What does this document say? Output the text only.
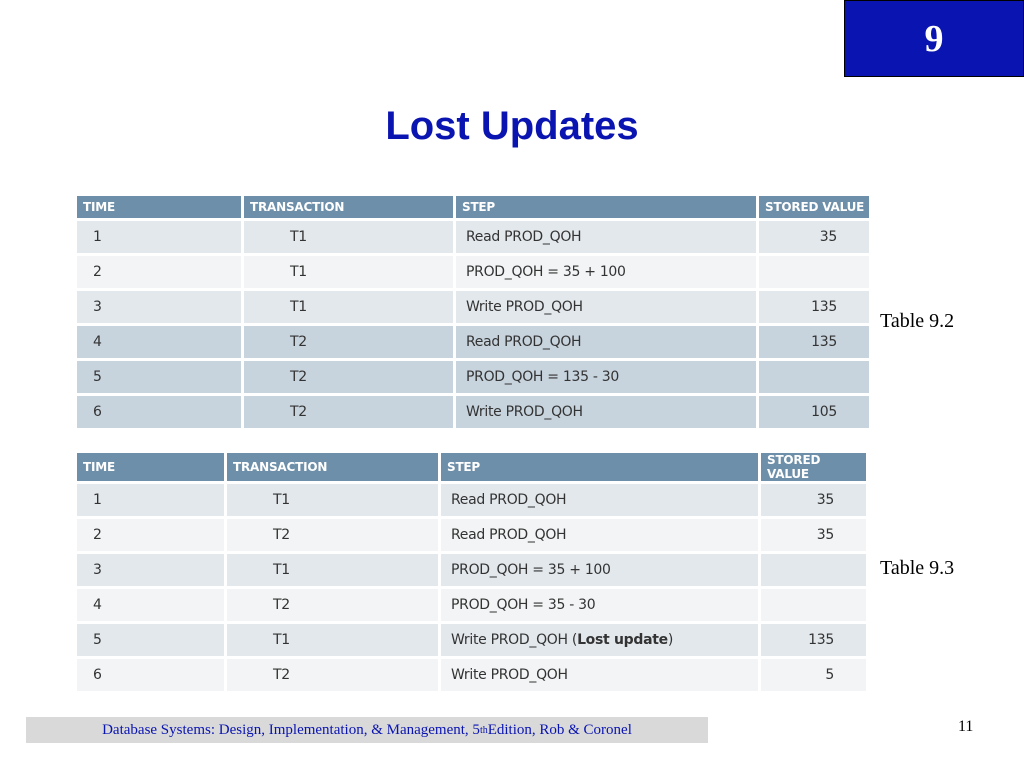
9
Lost Updates
TIME	TRANSACTION	STEP	STORED VALUE
1	T1	Read PROD_QOH	35
2	T1	PROD_QOH = 35 + 100	
3	T1	Write PROD_QOH	135
4	T2	Read PROD_QOH	135
5	T2	PROD_QOH = 135 - 30	
6	T2	Write PROD_QOH	105
Table 9.2
TIME	TRANSACTION	STEP	STORED VALUE
1	T1	Read PROD_QOH	35
2	T2	Read PROD_QOH	35
3	T1	PROD_QOH = 35 + 100	
4	T2	PROD_QOH = 35 - 30	
5	T1	Write PROD_QOH (Lost update)	135
6	T2	Write PROD_QOH	5
Table 9.3
Database Systems: Design, Implementation, & Management, 5 th Edition, Rob & Coronel	11
